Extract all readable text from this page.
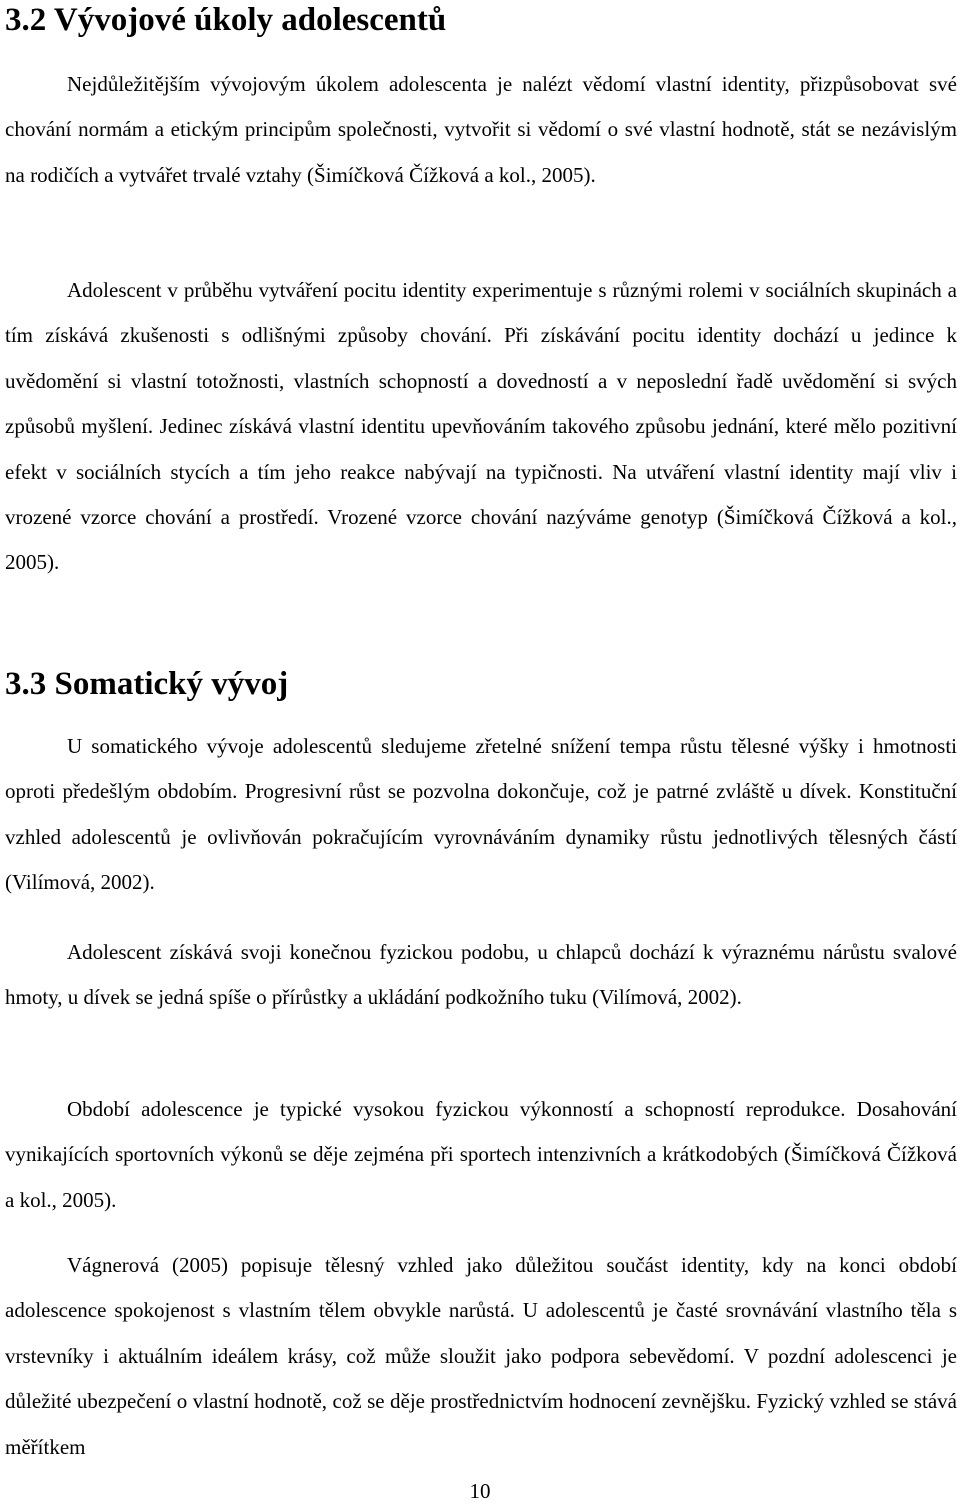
3.2 Vývojové úkoly adolescentů

Nejdůležitějším vývojovým úkolem adolescenta je nalézt vědomí vlastní identity, přizpůsobovat své chování normám a etickým principům společnosti, vytvořit si vědomí o své vlastní hodnotě, stát se nezávislým na rodičích a vytvářet trvalé vztahy (Šimíčková Čížková a kol., 2005).

Adolescent v průběhu vytváření pocitu identity experimentuje s různými rolemi v sociálních skupinách a tím získává zkušenosti s odlišnými způsoby chování. Při získávání pocitu identity dochází u jedince k uvědomění si vlastní totožnosti, vlastních schopností a dovedností a v neposlední řadě uvědomění si svých způsobů myšlení. Jedinec získává vlastní identitu upevňováním takového způsobu jednání, které mělo pozitivní efekt v sociálních stycích a tím jeho reakce nabývají na typičnosti. Na utváření vlastní identity mají vliv i vrozené vzorce chování a prostředí. Vrozené vzorce chování nazýváme genotyp (Šimíčková Čížková a kol., 2005).

3.3 Somatický vývoj

U somatického vývoje adolescentů sledujeme zřetelné snížení tempa růstu tělesné výšky i hmotnosti oproti předešlým obdobím. Progresivní růst se pozvolna dokončuje, což je patrné zvláště u dívek. Konstituční vzhled adolescentů je ovlivňován pokračujícím vyrovnáváním dynamiky růstu jednotlivých tělesných částí (Vilímová, 2002).

Adolescent získává svoji konečnou fyzickou podobu, u chlapců dochází k výraznému nárůstu svalové hmoty, u dívek se jedná spíše o přírůstky a ukládání podkožního tuku (Vilímová, 2002).

Období adolescence je typické vysokou fyzickou výkonností a schopností reprodukce. Dosahování vynikajících sportovních výkonů se děje zejména při sportech intenzivních a krátkodobých (Šimíčková Čížková a kol., 2005).

Vágnerová (2005) popisuje tělesný vzhled jako důležitou součást identity, kdy na konci období adolescence spokojenost s vlastním tělem obvykle narůstá. U adolescentů je časté srovnávání vlastního těla s vrstevníky i aktuálním ideálem krásy, což může sloužit jako podpora sebevědomí. V pozdní adolescenci je důležité ubezpečení o vlastní hodnotě, což se děje prostřednictvím hodnocení zevnějšku. Fyzický vzhled se stává měřítkem

10
